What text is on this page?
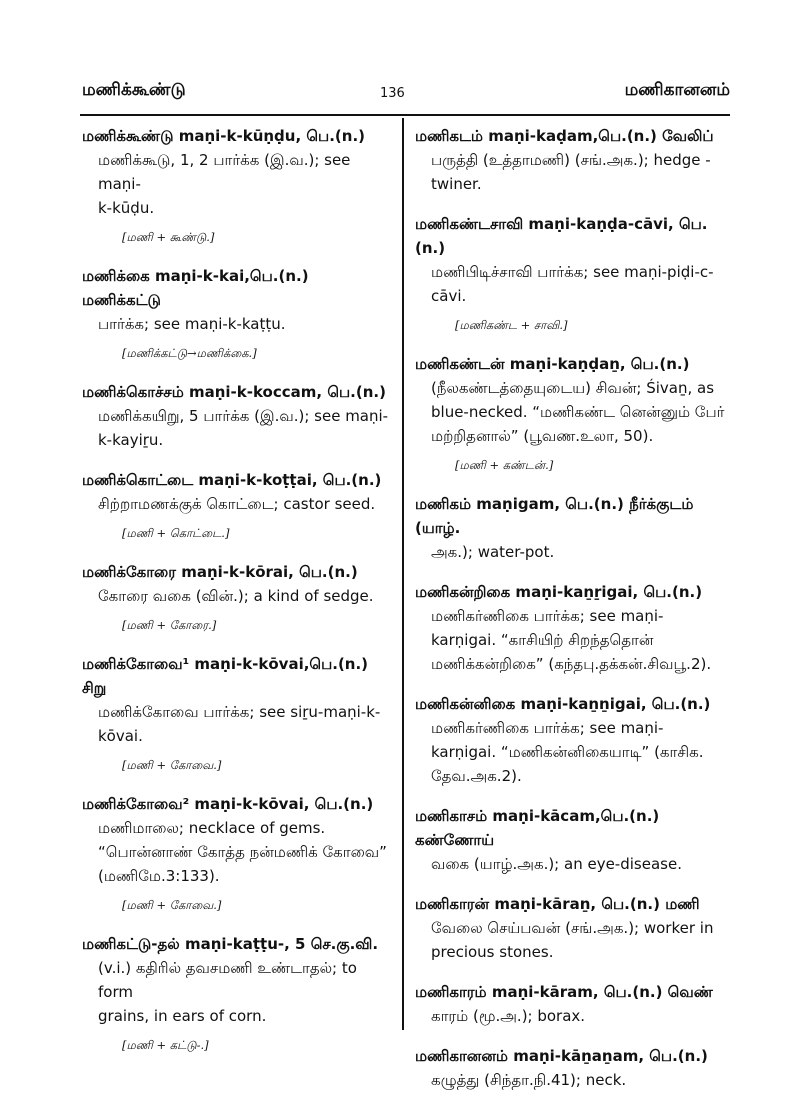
மணிக்கூண்டு	136	மணிகானனம்
மணிக்கூண்டு maṇi-k-kūṇḍu, பெ.(n.)
மணிக்கூடு, 1, 2 பார்க்க (இ.வ.); see maṇi-
k-kūḍu.
[மணி + கூண்டு.]
மணிக்கை maṇi-k-kai,பெ.(n.) மணிக்கட்டு
பார்க்க; see maṇi-k-kaṭṭu.
[மணிக்கட்டு→மணிக்கை.]
மணிக்கொச்சம் maṇi-k-koccam, பெ.(n.)
மணிக்கயிறு, 5 பார்க்க (இ.வ.); see maṇi-
k-kayiṟu.
மணிக்கொட்டை maṇi-k-koṭṭai, பெ.(n.)
சிற்றாமணக்குக் கொட்டை; castor seed.
[மணி + கொட்டை.]
மணிக்கோரை maṇi-k-kōrai, பெ.(n.)
கோரை வகை (வின்.); a kind of sedge.
[மணி + கோரை.]
மணிக்கோவை¹ maṇi-k-kōvai,பெ.(n.) சிறு
மணிக்கோவை பார்க்க; see siṟu-maṇi-k-
kōvai.
[மணி + கோவை.]
மணிக்கோவை² maṇi-k-kōvai, பெ.(n.)
மணிமாலை; necklace of gems.
“பொன்னாண் கோத்த நன்மணிக் கோவை”
(மணிமே.3:133).
[மணி + கோவை.]
மணிகட்டு-தல் maṇi-kaṭṭu-, 5 செ.கு.வி.
(v.i.) கதிரில் தவசமணி உண்டாதல்; to form
grains, in ears of corn.
[மணி + கட்டு-.]
மணிகடம் maṇi-kaḍam,பெ.(n.) வேலிப்
பருத்தி (உத்தாமணி) (சங்.அக.); hedge -
twiner.
மணிகண்டசாவி maṇi-kaṇḍa-cāvi, பெ.(n.)
மணிபிடிச்சாவி பார்க்க; see maṇi-piḍi-c-
cāvi.
[மணிகண்ட + சாவி.]
மணிகண்டன் maṇi-kaṇḍaṉ, பெ.(n.)
(நீலகண்டத்தையுடைய) சிவன்; Śivaṉ, as
blue-necked. “மணிகண்ட னென்னும் பேர்
மற்றிதனால்” (பூவண.உலா, 50).
[மணி + கண்டன்.]
மணிகம் maṇigam, பெ.(n.) நீர்க்குடம் (யாழ்.
அக.); water-pot.
மணிகன்றிகை maṇi-kaṉṟigai, பெ.(n.)
மணிகர்ணிகை பார்க்க; see maṇi-
karṇigai. “காசியிற் சிறந்ததொன்
மணிக்கன்றிகை” (கந்தபு.தக்கன்.சிவபூ.2).
மணிகன்னிகை maṇi-kaṉṉigai, பெ.(n.)
மணிகர்ணிகை பார்க்க; see maṇi-
karṇigai. “மணிகன்னிகையாடி” (காசிக.
தேவ.அக.2).
மணிகாசம் maṇi-kācam,பெ.(n.) கண்ணோய்
வகை (யாழ்.அக.); an eye-disease.
மணிகாரன் maṇi-kāraṉ, பெ.(n.) மணி
வேலை செய்பவன் (சங்.அக.); worker in
precious stones.
மணிகாரம் maṇi-kāram, பெ.(n.) வெண்
காரம் (மூ.அ.); borax.
மணிகானனம் maṇi-kāṉaṉam, பெ.(n.)
கழுத்து (சிந்தா.நி.41); neck.
